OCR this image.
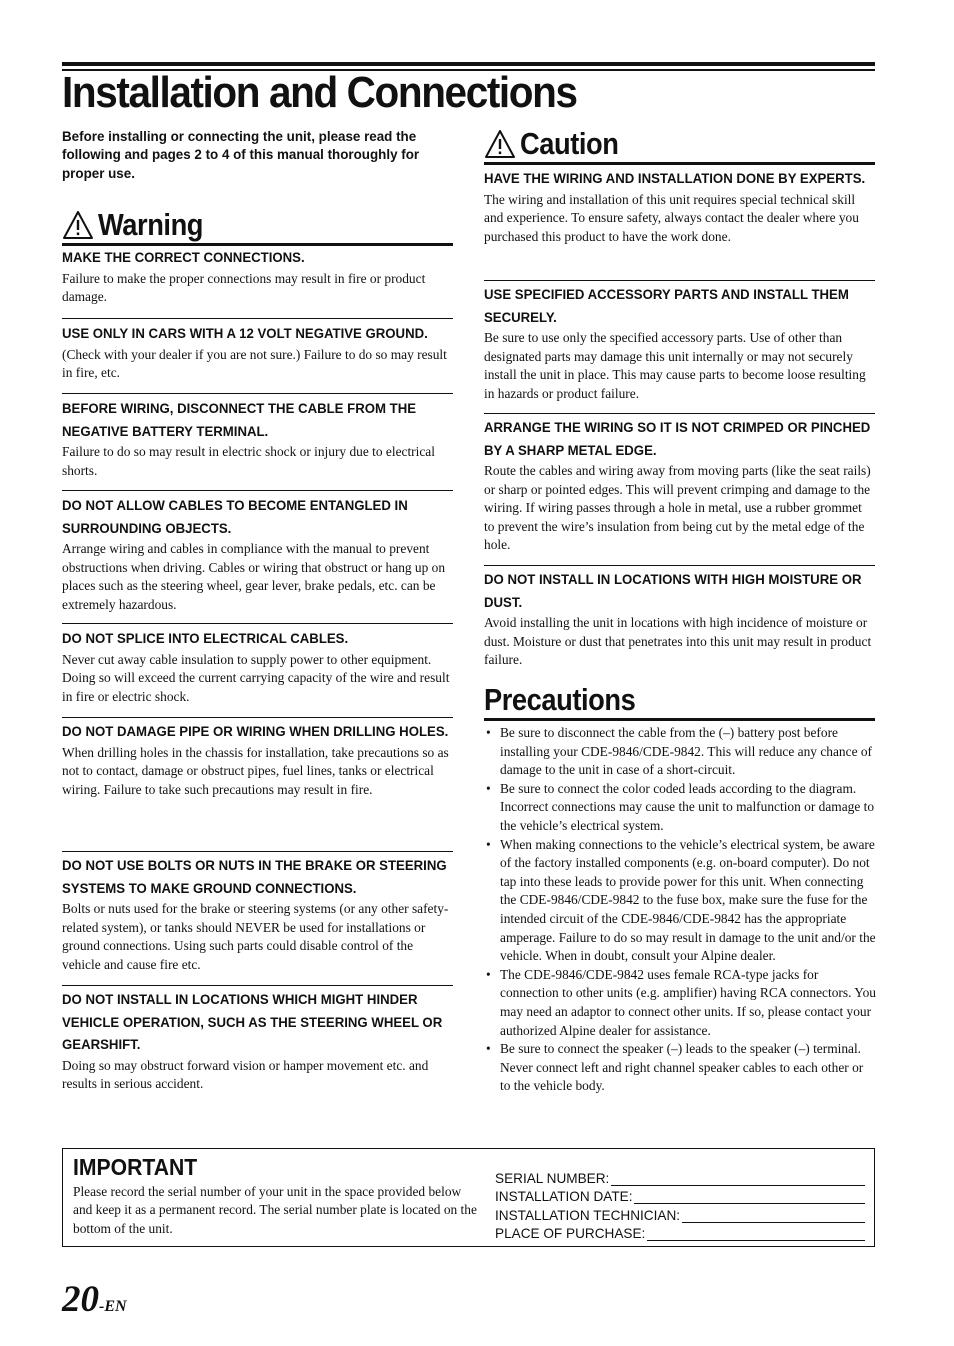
Installation and Connections

Before installing or connecting the unit, please read the following and pages 2 to 4 of this manual thoroughly for proper use.

Warning

MAKE THE CORRECT CONNECTIONS.

Failure to make the proper connections may result in fire or product damage.

USE ONLY IN CARS WITH A 12 VOLT NEGATIVE GROUND.

(Check with your dealer if you are not sure.) Failure to do so may result in fire, etc.

BEFORE WIRING, DISCONNECT THE CABLE FROM THE NEGATIVE BATTERY TERMINAL.

Failure to do so may result in electric shock or injury due to electrical shorts.

DO NOT ALLOW CABLES TO BECOME ENTANGLED IN SURROUNDING OBJECTS.

Arrange wiring and cables in compliance with the manual to prevent obstructions when driving. Cables or wiring that obstruct or hang up on places such as the steering wheel, gear lever, brake pedals, etc. can be extremely hazardous.

DO NOT SPLICE INTO ELECTRICAL CABLES.

Never cut away cable insulation to supply power to other equipment. Doing so will exceed the current carrying capacity of the wire and result in fire or electric shock.

DO NOT DAMAGE PIPE OR WIRING WHEN DRILLING HOLES.

When drilling holes in the chassis for installation, take precautions so as not to contact, damage or obstruct pipes, fuel lines, tanks or electrical wiring. Failure to take such precautions may result in fire.

DO NOT USE BOLTS OR NUTS IN THE BRAKE OR STEERING SYSTEMS TO MAKE GROUND CONNECTIONS.

Bolts or nuts used for the brake or steering systems (or any other safety-related system), or tanks should NEVER be used for installations or ground connections. Using such parts could disable control of the vehicle and cause fire etc.

DO NOT INSTALL IN LOCATIONS WHICH MIGHT HINDER VEHICLE OPERATION, SUCH AS THE STEERING WHEEL OR GEARSHIFT.

Doing so may obstruct forward vision or hamper movement etc. and results in serious accident.

Caution

HAVE THE WIRING AND INSTALLATION DONE BY EXPERTS.

The wiring and installation of this unit requires special technical skill and experience. To ensure safety, always contact the dealer where you purchased this product to have the work done.

USE SPECIFIED ACCESSORY PARTS AND INSTALL THEM SECURELY.

Be sure to use only the specified accessory parts. Use of other than designated parts may damage this unit internally or may not securely install the unit in place. This may cause parts to become loose resulting in hazards or product failure.

ARRANGE THE WIRING SO IT IS NOT CRIMPED OR PINCHED BY A SHARP METAL EDGE.

Route the cables and wiring away from moving parts (like the seat rails) or sharp or pointed edges. This will prevent crimping and damage to the wiring. If wiring passes through a hole in metal, use a rubber grommet to prevent the wire’s insulation from being cut by the metal edge of the hole.

DO NOT INSTALL IN LOCATIONS WITH HIGH MOISTURE OR DUST.

Avoid installing the unit in locations with high incidence of moisture or dust. Moisture or dust that penetrates into this unit may result in product failure.

Precautions
• Be sure to disconnect the cable from the (–) battery post before installing your CDE-9846/CDE-9842. This will reduce any chance of damage to the unit in case of a short-circuit.
• Be sure to connect the color coded leads according to the diagram. Incorrect connections may cause the unit to malfunction or damage to the vehicle’s electrical system.
• When making connections to the vehicle’s electrical system, be aware of the factory installed components (e.g. on-board computer). Do not tap into these leads to provide power for this unit. When connecting the CDE-9846/CDE-9842 to the fuse box, make sure the fuse for the intended circuit of the CDE-9846/CDE-9842 has the appropriate amperage. Failure to do so may result in damage to the unit and/or the vehicle. When in doubt, consult your Alpine dealer.
• The CDE-9846/CDE-9842 uses female RCA-type jacks for connection to other units (e.g. amplifier) having RCA connectors. You may need an adaptor to connect other units. If so, please contact your authorized Alpine dealer for assistance.
• Be sure to connect the speaker (–) leads to the speaker (–) terminal. Never connect left and right channel speaker cables to each other or to the vehicle body.
IMPORTANT

Please record the serial number of your unit in the space provided below and keep it as a permanent record. The serial number plate is located on the bottom of the unit.

SERIAL NUMBER:
INSTALLATION DATE:
INSTALLATION TECHNICIAN:
PLACE OF PURCHASE:
20-EN
